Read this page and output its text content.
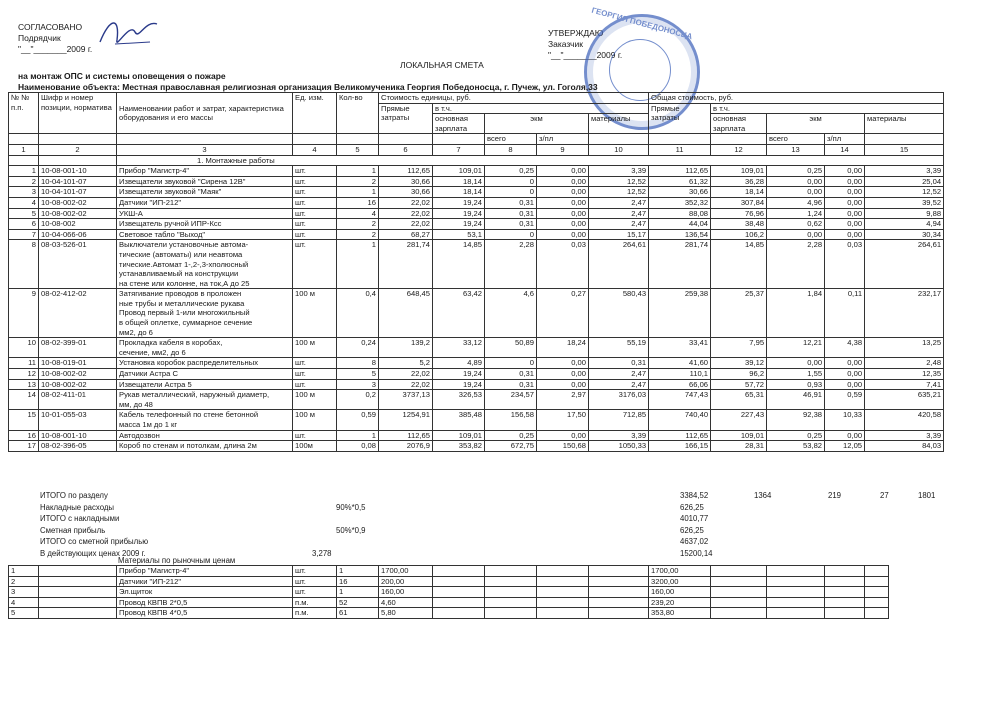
СОГЛАСОВАНО
Подрядчик
"__"_______2009 г.
УТВЕРЖДАЮ
Заказчик
"__"_______2009 г.
ГЕОРГИЯ ПОБЕДОНОСЦА
ЛОКАЛЬНАЯ СМЕТА
на монтаж ОПС и системы оповещения о пожаре
Наименование объекта: Местная православная религиозная организация Великомученика Георгия Победоносца, г. Пучеж, ул. Гоголя,33
№ №
п.п.	Шифр и номер позиции, норматива	Наименовании работ и затрат, характеристика оборудования и его массы	Ед. изм.	Кол-во	Стоимость единицы, руб.					Общая стоимость, руб.				
					Прямые затраты	в т.ч.				Прямые затраты	в т.ч.			
						основная зарплата	экм		материалы		основная зарплата	экм		материалы
							всего	з/пл				всего	з/пл	
1	2	3	4	5	6	7	8	9	10	11	12	13	14	15
		1. Монтажные работы												
1	10-08-001-10	Прибор "Магистр-4"	шт.	1	112,65	109,01	0,25	0,00	3,39	112,65	109,01	0,25	0,00	3,39
2	10-04-101-07	Извещатели звуковой "Сирена 12В"	шт.	2	30,66	18,14	0	0,00	12,52	61,32	36,28	0,00	0,00	25,04
3	10-04-101-07	Извещатели звуковой "Маяк"	шт.	1	30,66	18,14	0	0,00	12,52	30,66	18,14	0,00	0,00	12,52
4	10-08-002-02	Датчики "ИП-212"	шт.	16	22,02	19,24	0,31	0,00	2,47	352,32	307,84	4,96	0,00	39,52
5	10-08-002-02	УКШ-А	шт.	4	22,02	19,24	0,31	0,00	2,47	88,08	76,96	1,24	0,00	9,88
6	10-08-002	Извещатель ручной ИПР-Ксс	шт.	2	22,02	19,24	0,31	0,00	2,47	44,04	38,48	0,62	0,00	4,94
7	10-04-066-06	Световое табло "Выход"	шт.	2	68,27	53,1	0	0,00	15,17	136,54	106,2	0,00	0,00	30,34
8	08-03-526-01	Выключатели установочные автома-
тические (автоматы) или неавтома
тические.Автомат 1-,2-,3-хполюсный
устанавливаемый на конструкции
на стене или колонне, на ток,А до 25	шт.	1	281,74	14,85	2,28	0,03	264,61	281,74	14,85	2,28	0,03	264,61
9	08-02-412-02	Затягивание проводов в проложен
ные трубы и металлические рукава
Провод первый 1-или многожильный
в общей оплетке, суммарное сечение
мм2, до 6	100 м	0,4	648,45	63,42	4,6	0,27	580,43	259,38	25,37	1,84	0,11	232,17
10	08-02-399-01	Прокладка кабеля в коробах,
сечение, мм2, до 6	100 м	0,24	139,2	33,12	50,89	18,24	55,19	33,41	7,95	12,21	4,38	13,25
11	10-08-019-01	Установка коробок распределительных	шт.	8	5,2	4,89	0	0,00	0,31	41,60	39,12	0,00	0,00	2,48
12	10-08-002-02	Датчики Астра С	шт.	5	22,02	19,24	0,31	0,00	2,47	110,1	96,2	1,55	0,00	12,35
13	10-08-002-02	Извещатели Астра 5	шт.	3	22,02	19,24	0,31	0,00	2,47	66,06	57,72	0,93	0,00	7,41
14	08-02-411-01	Рукав металлический, наружный диаметр,
мм, до 48	100 м	0,2	3737,13	326,53	234,57	2,97	3176,03	747,43	65,31	46,91	0,59	635,21
15	10-01-055-03	Кабель телефонный по стене бетонной
масса 1м до 1 кг	100 м	0,59	1254,91	385,48	156,58	17,50	712,85	740,40	227,43	92,38	10,33	420,58
16	10-08-001-10	Автодозвон	шт.	1	112,65	109,01	0,25	0,00	3,39	112,65	109,01	0,25	0,00	3,39
17	08-02-396-05	Короб по стенам и потолкам, длина 2м	100м	0,08	2076,9	353,82	672,75	150,68	1050,33	166,15	28,31	53,82	12,05	84,03
ИТОГО по разделу	3384,52	1364	219	27	1801
Накладные расходы	90%*0,5	626,25
ИТОГО с накладными	4010,77
Сметная прибыль	50%*0,9	626,25
ИТОГО со сметной прибылью	4637,02
В действующих ценах 2009 г.	3,278	15200,14
Материалы по рыночным ценам
1		Прибор "Магистр-4"	шт.	1	1700,00					1700,00				
2		Датчики "ИП-212"	шт.	16	200,00					3200,00				
3		Эл.щиток	шт.	1	160,00					160,00				
4		Провод КВПВ 2*0,5	п.м.	52	4,60					239,20				
5		Провод КВПВ 4*0,5	п.м.	61	5,80					353,80				
